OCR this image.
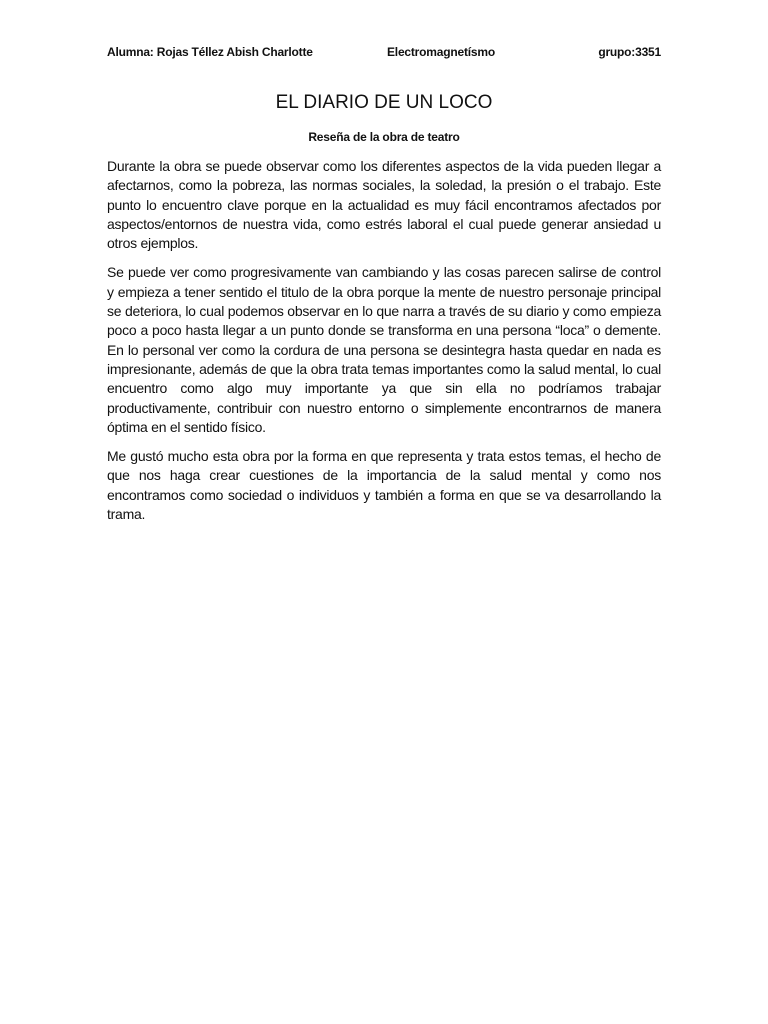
Alumna: Rojas Téllez Abish Charlotte	Electromagnetísmo	grupo:3351
EL DIARIO DE UN LOCO
Reseña de la obra de teatro

Durante la obra se puede observar como los diferentes aspectos de la vida pueden llegar a afectarnos, como la pobreza, las normas sociales, la soledad, la presión o el trabajo. Este punto lo encuentro clave porque en la actualidad es muy fácil encontramos afectados por aspectos/entornos de nuestra vida, como estrés laboral el cual puede generar ansiedad u otros ejemplos.

Se puede ver como progresivamente van cambiando y las cosas parecen salirse de control y empieza a tener sentido el titulo de la obra porque la mente de nuestro personaje principal se deteriora, lo cual podemos observar en lo que narra a través de su diario y como empieza poco a poco hasta llegar a un punto donde se transforma en una persona “loca” o demente. En lo personal ver como la cordura de una persona se desintegra hasta quedar en nada es impresionante, además de que la obra trata temas importantes como la salud mental, lo cual encuentro como algo muy importante ya que sin ella no podríamos trabajar productivamente, contribuir con nuestro entorno o simplemente encontrarnos de manera óptima en el sentido físico.

Me gustó mucho esta obra por la forma en que representa y trata estos temas, el hecho de que nos haga crear cuestiones de la importancia de la salud mental y como nos encontramos como sociedad o individuos y también a forma en que se va desarrollando la trama.
